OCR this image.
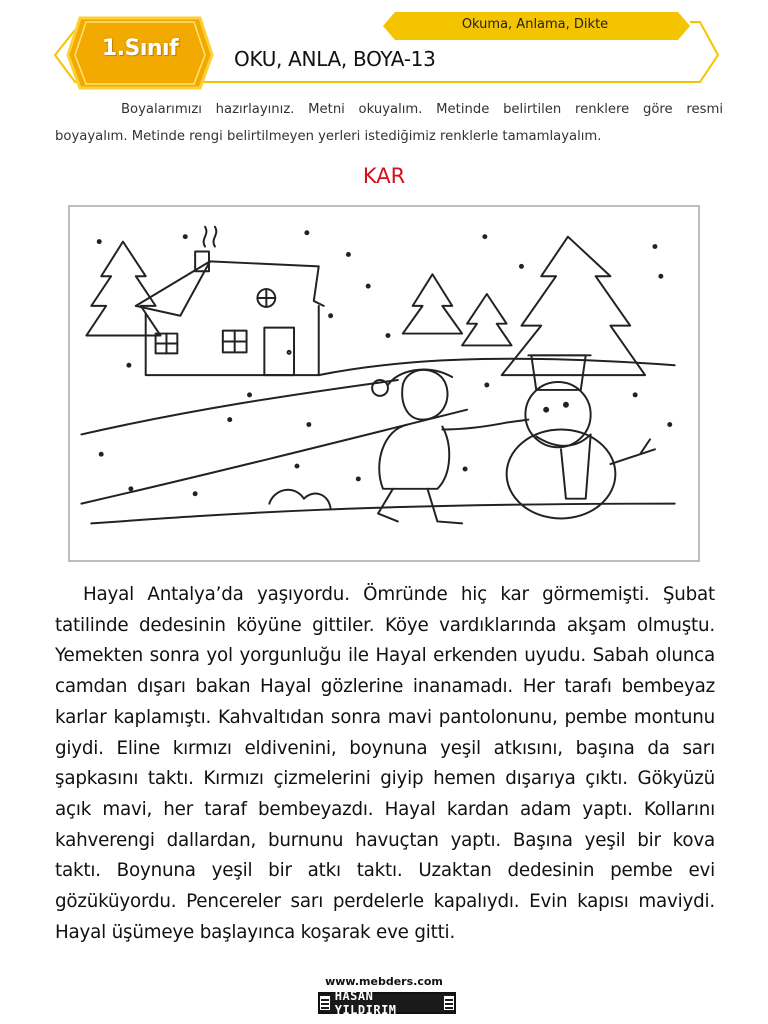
1.Sınıf
Okuma, Anlama, Dikte
OKU, ANLA, BOYA-13

Boyalarımızı hazırlayınız. Metni okuyalım. Metinde belirtilen renklere göre resmi boyayalım. Metinde rengi belirtilmeyen yerleri istediğimiz renklerle tamamlayalım.

KAR

Hayal Antalya’da yaşıyordu. Ömründe hiç kar görmemişti. Şubat tatilinde dedesinin köyüne gittiler. Köye vardıklarında akşam olmuştu. Yemekten sonra yol yorgunluğu ile Hayal erkenden uyudu. Sabah olunca camdan dışarı bakan Hayal gözlerine inanamadı. Her tarafı bembeyaz karlar kaplamıştı. Kahvaltıdan sonra mavi pantolonunu, pembe montunu giydi. Eline kırmızı eldivenini, boynuna yeşil atkısını, başına da sarı şapkasını taktı. Kırmızı çizmelerini giyip hemen dışarıya çıktı. Gökyüzü açık mavi, her taraf bembeyazdı. Hayal kardan adam yaptı. Kollarını kahverengi dallardan, burnunu havuçtan yaptı. Başına yeşil bir kova taktı. Boynuna yeşil bir atkı taktı. Uzaktan dedesinin pembe evi gözüküyordu. Pencereler sarı perdelerle kapalıydı. Evin kapısı maviydi. Hayal üşümeye başlayınca koşarak eve gitti.

www.mebders.com
HASAN YILDIRIM
